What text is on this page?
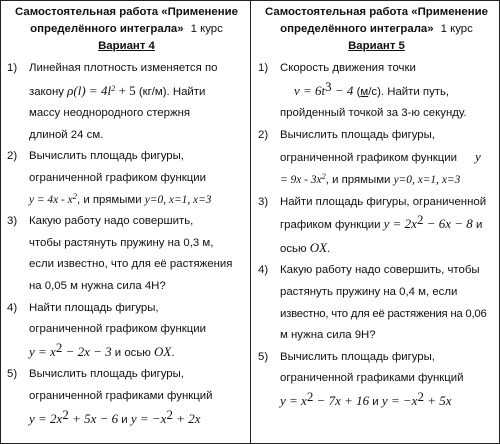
Самостоятельная работа «Применение
определённого интеграла» 1 курс
Вариант 4
1)	Линейная плотность изменяется по
закону $\rho(l) = 4l^2 + 5$ (кг/м). Найти
массу неоднородного стержня
длиной 24 см.
2)	Вычислить площадь фигуры,
ограниченной графиком функции
$y = 4x - x^2$, и прямыми y=0, x=1, x=3
3)	Какую работу надо совершить,
чтобы растянуть пружину на 0,3 м,
если известно, что для её растяжения
на 0,05 м нужна сила 4Н?
4)	Найти площадь фигуры,
ограниченной графиком функции
$y = x^2 - 2x - 3$ и осью OX.
5)	Вычислить площадь фигуры,
ограниченной графиками функций
$y = 2x^2 + 5x - 6$ и $y = -x^2 + 2x$
Самостоятельная работа «Применение
определённого интеграла» 1 курс
Вариант 5
1)	Скорость движения точки
$v = 6t^3 - 4$ (м/с). Найти путь,
пройденный точкой за 3-ю секунду.
2)	Вычислить площадь фигуры,
ограниченной графиком функции y
= $9x - 3x^2$, и прямыми y=0, x=1, x=3
3)	Найти площадь фигуры, ограниченной
графиком функции $y = 2x^2 - 6x - 8$ и
осью OX.
4)	Какую работу надо совершить, чтобы
растянуть пружину на 0,4 м, если
известно, что для её растяжения на 0,06
м нужна сила 9Н?
5)	Вычислить площадь фигуры,
ограниченной графиками функций
$y = x^2 - 7x + 16$ и $y = -x^2 + 5x$
